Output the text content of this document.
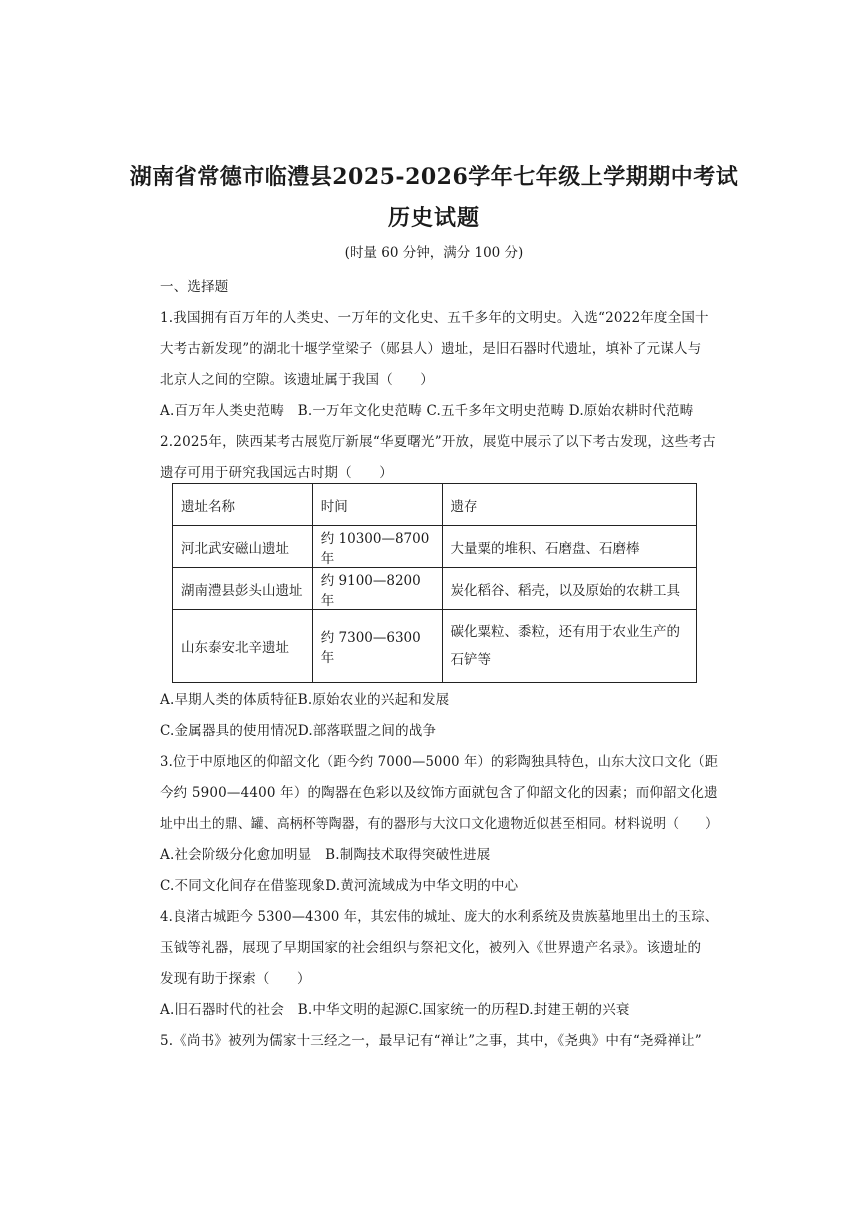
湖南省常德市临澧县2025-2026学年七年级上学期期中考试
历史试题
(时量 60 分钟，满分 100 分)
一、选择题
1.我国拥有百万年的人类史、一万年的文化史、五千多年的文明史。入选“2022年度全国十
大考古新发现”的湖北十堰学堂梁子（郧县人）遗址，是旧石器时代遗址，填补了元谋人与
北京人之间的空隙。该遗址属于我国（　　）
A.百万年人类史范畴　B.一万年文化史范畴 C.五千多年文明史范畴 D.原始农耕时代范畴
2.2025年，陕西某考古展览厅新展“华夏曙光”开放，展览中展示了以下考古发现，这些考古
遗存可用于研究我国远古时期（　　）
遗址名称	时间	遗存
河北武安磁山遗址	约 10300—8700 年	大量粟的堆积、石磨盘、石磨棒
湖南澧县彭头山遗址	约 9100—8200 年	炭化稻谷、稻壳，以及原始的农耕工具
山东泰安北辛遗址	约 7300—6300 年	碳化粟粒、黍粒，还有用于农业生产的石铲等
A.早期人类的体质特征B.原始农业的兴起和发展
C.金属器具的使用情况D.部落联盟之间的战争
3.位于中原地区的仰韶文化（距今约 7000—5000 年）的彩陶独具特色，山东大汶口文化（距
今约 5900—4400 年）的陶器在色彩以及纹饰方面就包含了仰韶文化的因素；而仰韶文化遗
址中出土的鼎、罐、高柄杯等陶器，有的器形与大汶口文化遗物近似甚至相同。材料说明（　　）
A.社会阶级分化愈加明显　B.制陶技术取得突破性进展
C.不同文化间存在借鉴现象D.黄河流域成为中华文明的中心
4.良渚古城距今 5300—4300 年，其宏伟的城址、庞大的水利系统及贵族墓地里出土的玉琮、
玉钺等礼器，展现了早期国家的社会组织与祭祀文化，被列入《世界遗产名录》。该遗址的
发现有助于探索（　　）
A.旧石器时代的社会　B.中华文明的起源C.国家统一的历程D.封建王朝的兴衰
5.《尚书》被列为儒家十三经之一，最早记有“禅让”之事，其中，《尧典》中有“尧舜禅让”
